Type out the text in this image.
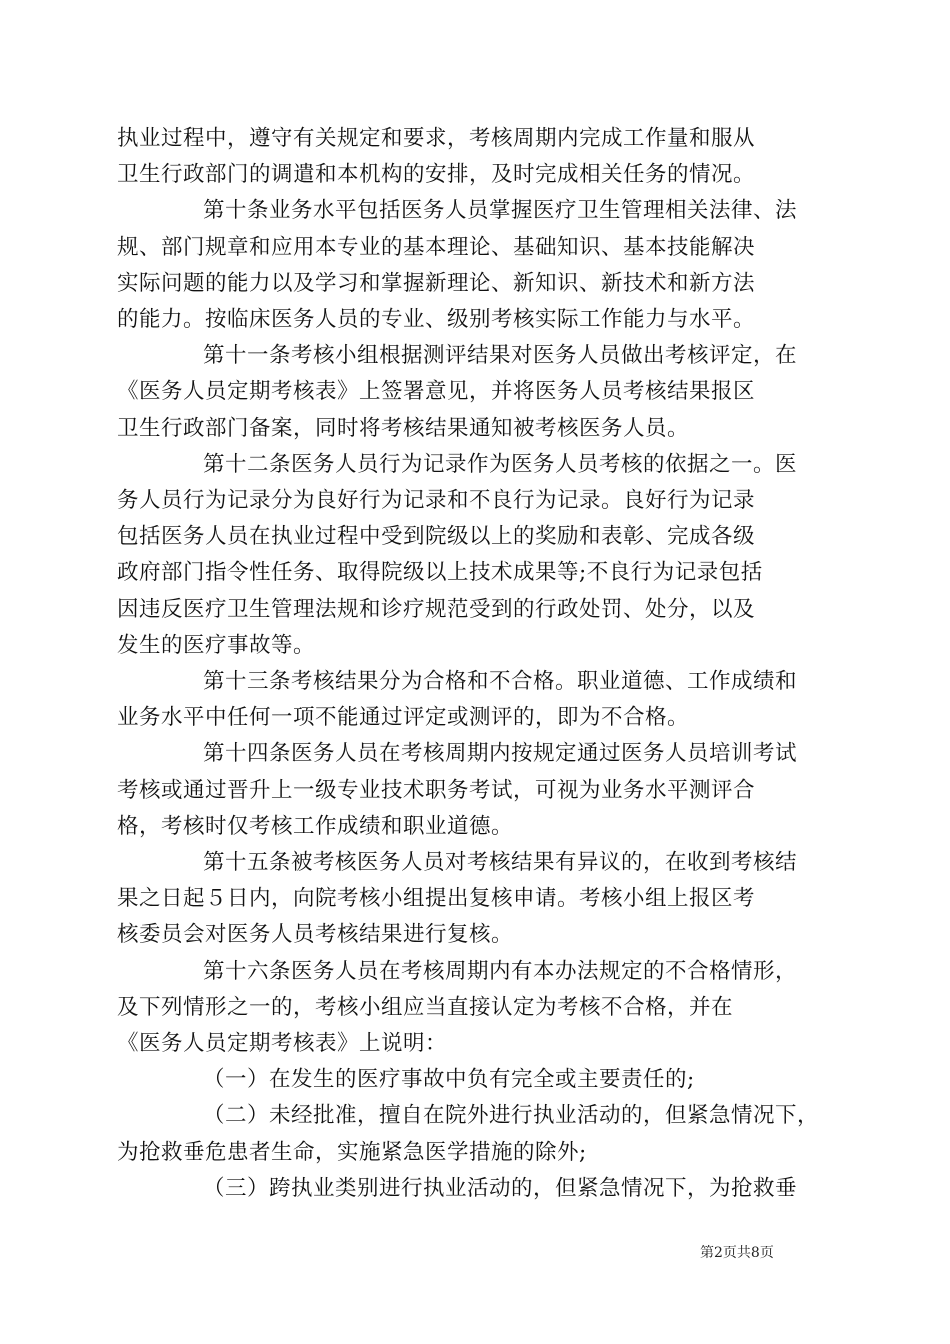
执业过程中，遵守有关规定和要求，考核周期内完成工作量和服从
卫生行政部门的调遣和本机构的安排，及时完成相关任务的情况。
第十条业务水平包括医务人员掌握医疗卫生管理相关法律、法
规、部门规章和应用本专业的基本理论、基础知识、基本技能解决
实际问题的能力以及学习和掌握新理论、新知识、新技术和新方法
的能力。按临床医务人员的专业、级别考核实际工作能力与水平。
第十一条考核小组根据测评结果对医务人员做出考核评定，在
《医务人员定期考核表》上签署意见，并将医务人员考核结果报区
卫生行政部门备案，同时将考核结果通知被考核医务人员。
第十二条医务人员行为记录作为医务人员考核的依据之一。医
务人员行为记录分为良好行为记录和不良行为记录。良好行为记录
包括医务人员在执业过程中受到院级以上的奖励和表彰、完成各级
政府部门指令性任务、取得院级以上技术成果等;不良行为记录包括
因违反医疗卫生管理法规和诊疗规范受到的行政处罚、处分，以及
发生的医疗事故等。
第十三条考核结果分为合格和不合格。职业道德、工作成绩和
业务水平中任何一项不能通过评定或测评的，即为不合格。
第十四条医务人员在考核周期内按规定通过医务人员培训考试
考核或通过晋升上一级专业技术职务考试，可视为业务水平测评合
格，考核时仅考核工作成绩和职业道德。
第十五条被考核医务人员对考核结果有异议的，在收到考核结
果之日起５日内，向院考核小组提出复核申请。考核小组上报区考
核委员会对医务人员考核结果进行复核。
第十六条医务人员在考核周期内有本办法规定的不合格情形，
及下列情形之一的，考核小组应当直接认定为考核不合格，并在
《医务人员定期考核表》上说明：
（一）在发生的医疗事故中负有完全或主要责任的;
（二）未经批准，擅自在院外进行执业活动的，但紧急情况下，
为抢救垂危患者生命，实施紧急医学措施的除外;
（三）跨执业类别进行执业活动的，但紧急情况下，为抢救垂
第2页共8页
